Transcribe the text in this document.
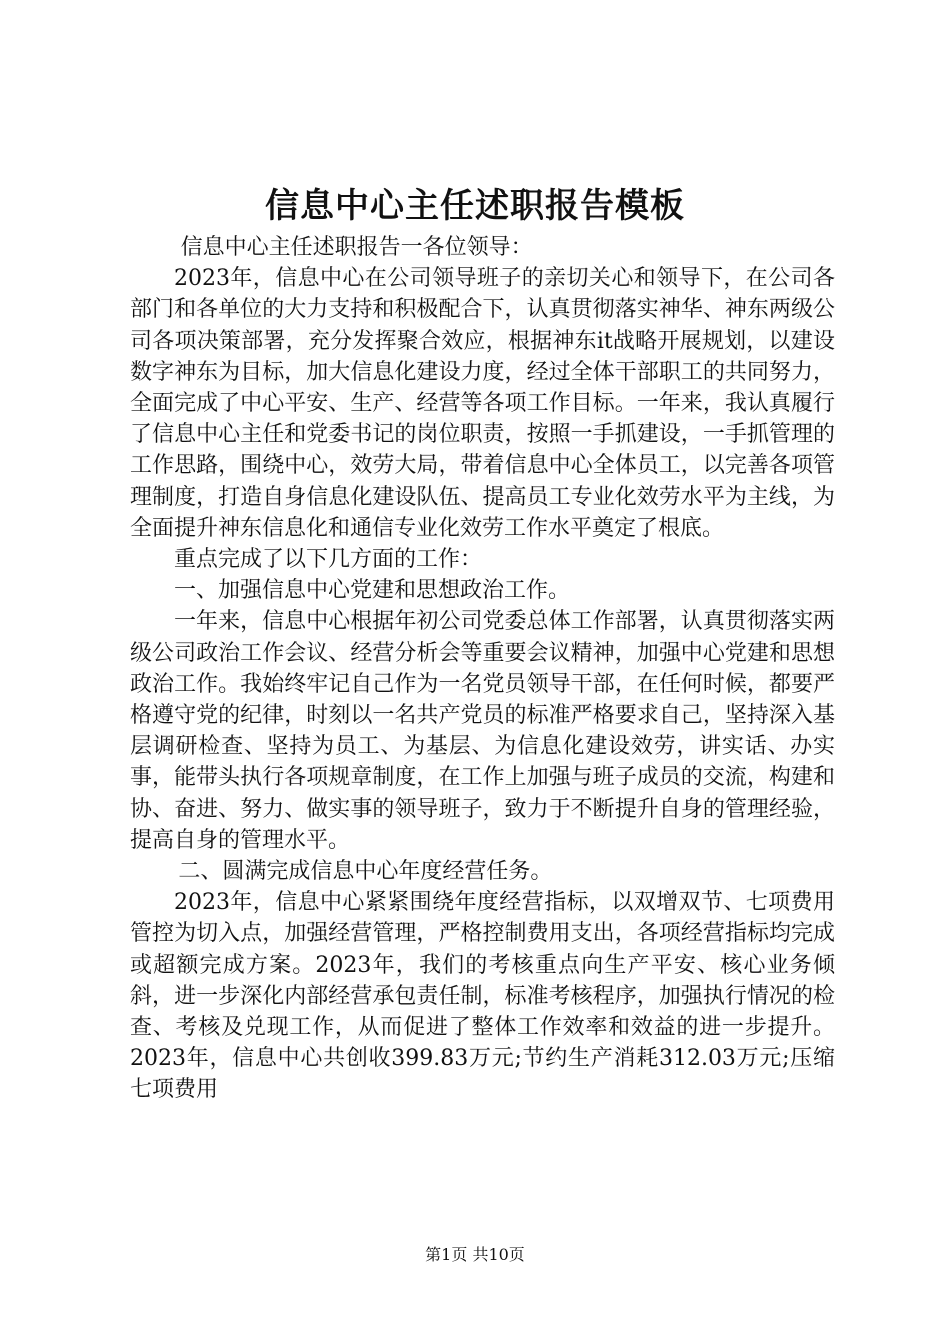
信息中心主任述职报告模板

信息中心主任述职报告一各位领导：

2023年，信息中心在公司领导班子的亲切关心和领导下，在公司各部门和各单位的大力支持和积极配合下，认真贯彻落实神华、神东两级公司各项决策部署，充分发挥聚合效应，根据神东it战略开展规划，以建设数字神东为目标，加大信息化建设力度，经过全体干部职工的共同努力，全面完成了中心平安、生产、经营等各项工作目标。一年来，我认真履行了信息中心主任和党委书记的岗位职责，按照一手抓建设，一手抓管理的工作思路，围绕中心，效劳大局，带着信息中心全体员工，以完善各项管理制度，打造自身信息化建设队伍、提高员工专业化效劳水平为主线，为全面提升神东信息化和通信专业化效劳工作水平奠定了根底。

重点完成了以下几方面的工作：

一、加强信息中心党建和思想政治工作。

一年来，信息中心根据年初公司党委总体工作部署，认真贯彻落实两级公司政治工作会议、经营分析会等重要会议精神，加强中心党建和思想政治工作。我始终牢记自己作为一名党员领导干部，在任何时候，都要严格遵守党的纪律，时刻以一名共产党员的标准严格要求自己，坚持深入基层调研检查、坚持为员工、为基层、为信息化建设效劳，讲实话、办实事，能带头执行各项规章制度，在工作上加强与班子成员的交流，构建和协、奋进、努力、做实事的领导班子，致力于不断提升自身的管理经验，提高自身的管理水平。

二、圆满完成信息中心年度经营任务。

2023年，信息中心紧紧围绕年度经营指标，以双增双节、七项费用管控为切入点，加强经营管理，严格控制费用支出，各项经营指标均完成或超额完成方案。2023年，我们的考核重点向生产平安、核心业务倾斜，进一步深化内部经营承包责任制，标准考核程序，加强执行情况的检查、考核及兑现工作，从而促进了整体工作效率和效益的进一步提升。2023年，信息中心共创收399.83万元;节约生产消耗312.03万元;压缩七项费用

第1页 共10页
